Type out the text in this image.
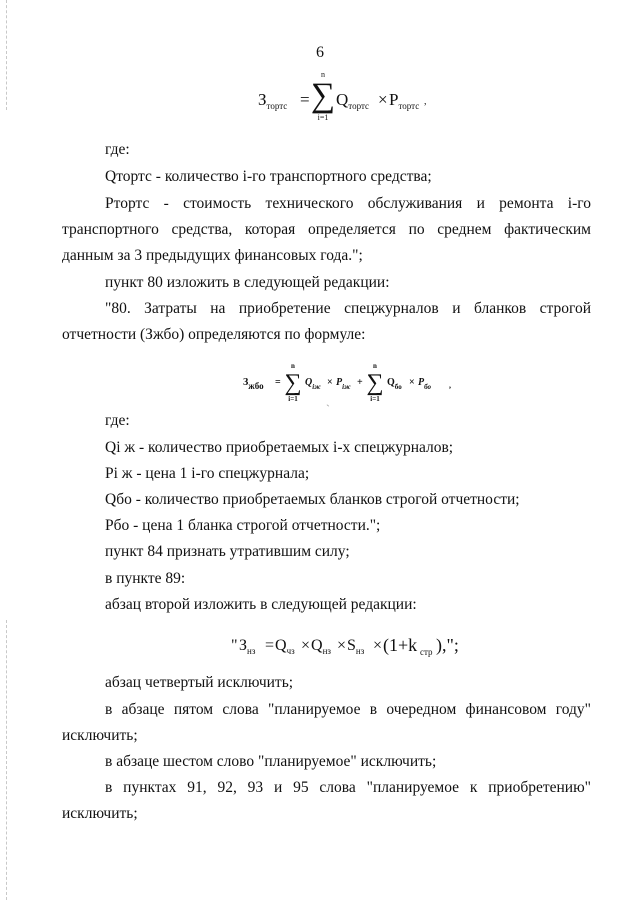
6
$З_{тортс}$ =
n
∑
i=1
$Q_{тортс} \times P_{тортс}$ ,
где:
Qтортс - количество i-го транспортного средства;
Pтортс - стоимость технического обслуживания и ремонта i-го
транспортного средства, которая определяется по среднем фактическим
данным за 3 предыдущих финансовых года.";
пункт 80 изложить в следующей редакции:
"80. Затраты на приобретение спецжурналов и бланков строгой
отчетности (Зжбо) определяются по формуле:
Зжбо =
n
∑
i=1
$Q_{iж} \times P_{iж}$ +
n
∑
i=1
$Q_{бо} \times P_{бо}$ ,
`
где:
Qi ж - количество приобретаемых i-х спецжурналов;
Pi ж - цена 1 i-го спецжурнала;
Qбо - количество приобретаемых бланков строгой отчетности;
Pбо - цена 1 бланка строгой отчетности.";
пункт 84 признать утратившим силу;
в пункте 89:
абзац второй изложить в следующей редакции:
" $З_{нз} = Q_{чз} \times Q_{нз} \times S_{нз} \times (1+k$ стр ),";
абзац четвертый исключить;
в абзаце пятом слова "планируемое в очередном финансовом году"
исключить;
в абзаце шестом слово "планируемое" исключить;
в пунктах 91, 92, 93 и 95 слова "планируемое к приобретению"
исключить;
